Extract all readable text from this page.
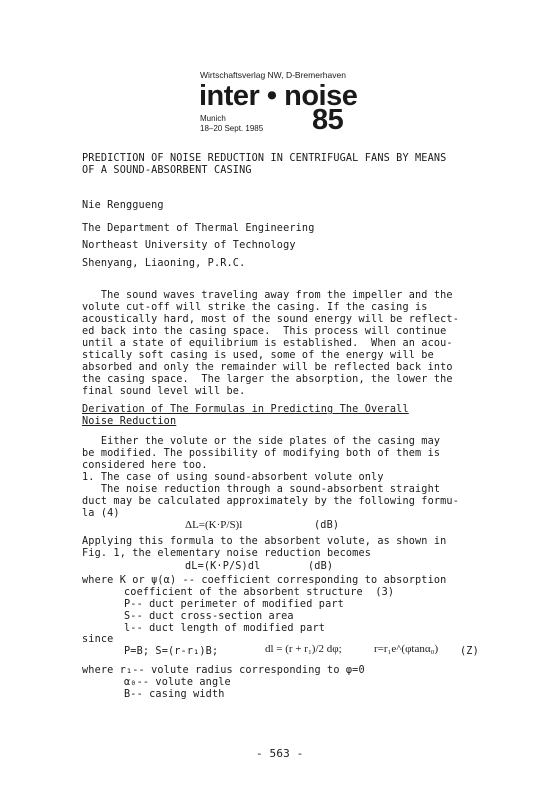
Wirtschaftsverlag NW, D-Bremerhaven
inter • noise
Munich
18–20 Sept. 1985 85
PREDICTION OF NOISE REDUCTION IN CENTRIFUGAL FANS BY MEANS
OF A SOUND-ABSORBENT CASING
Nie Renggueng
The Department of Thermal Engineering
Northeast University of Technology
Shenyang, Liaoning, P.R.C.
The sound waves traveling away from the impeller and the
volute cut-off will strike the casing. If the casing is
acoustically hard, most of the sound energy will be reflect-
ed back into the casing space.  This process will continue
until a state of equilibrium is established.  When an acou-
stically soft casing is used, some of the energy will be
absorbed and only the remainder will be reflected back into
the casing space.  The larger the absorption, the lower the
final sound level will be.
Derivation of The Formulas in Predicting The Overall
Noise Reduction
Either the volute or the side plates of the casing may
be modified. The possibility of modifying both of them is
considered here too.
1. The case of using sound-absorbent volute only
The noise reduction through a sound-absorbent straight
duct may be calculated approximately by the following formu-
la (4)
ΔL=(K·P/S)l	(dB)
Applying this formula to the absorbent volute, as shown in
Fig. 1, the elementary noise reduction becomes
dL=(K·P/S)dl	(dB)
where K or ψ(α) -- coefficient corresponding to absorption
coefficient of the absorbent structure  (3)
P-- duct perimeter of modified part
S-- duct cross-section area
l-- duct length of modified part
since
P=B; S=(r-r₁)B;	dl = (r + r₁)/2 dφ;	r=r₁e^(φtanα₀) (Z)
where r₁-- volute radius corresponding to φ=0
α₀-- volute angle
B-- casing width
- 563 -
